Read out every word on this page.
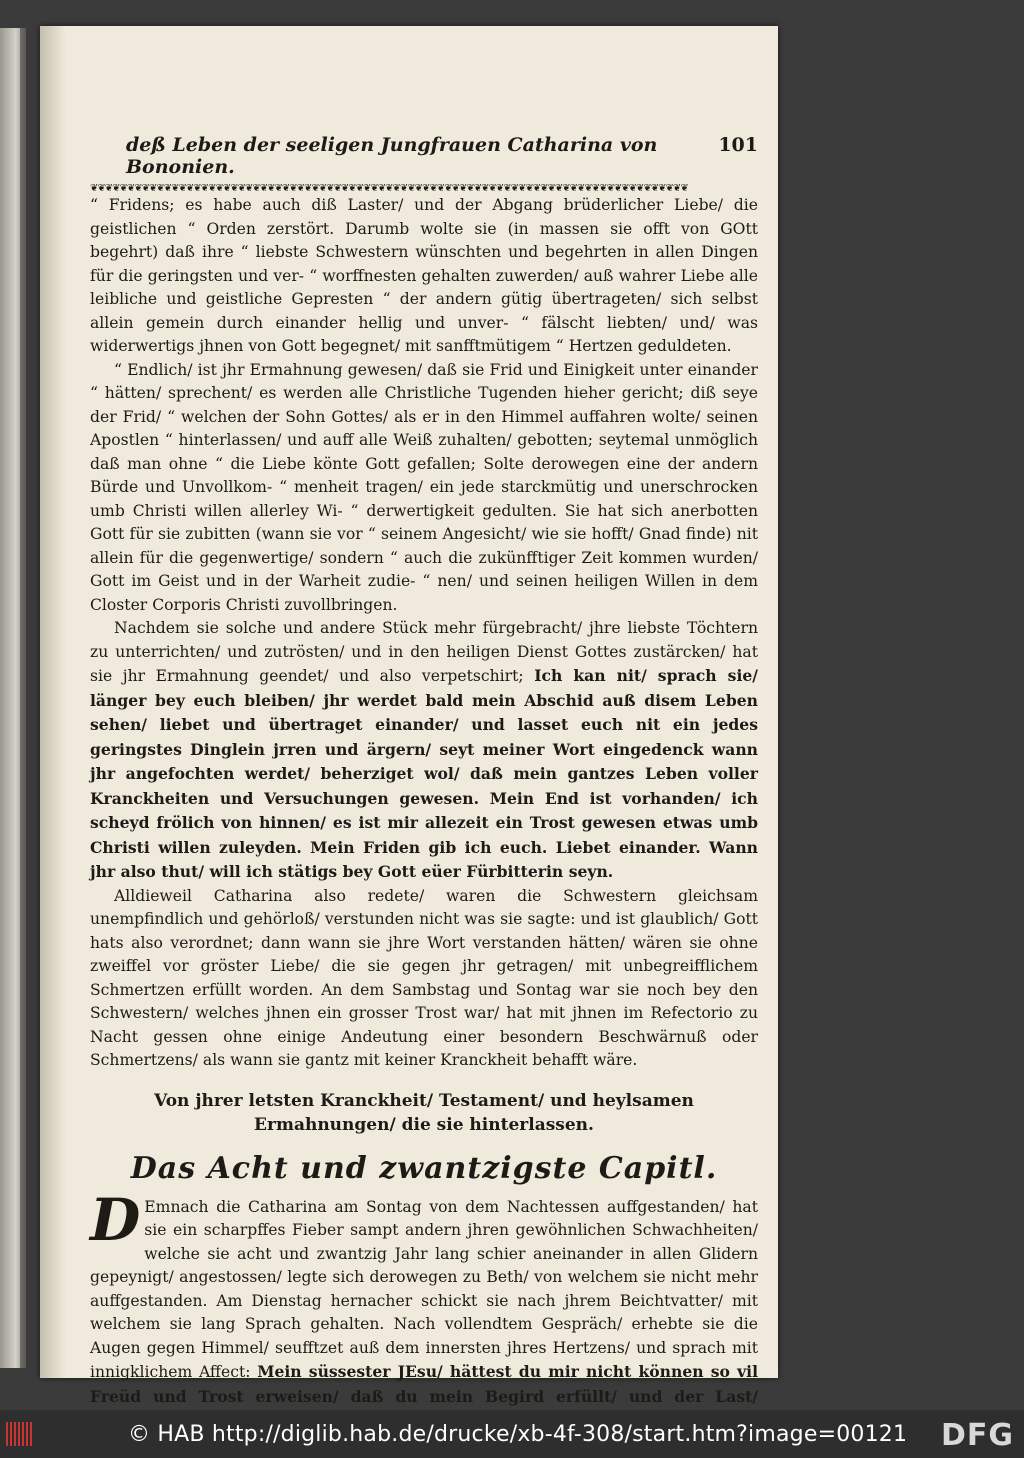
deß Leben der seeligen Jungfrauen Catharina von Bononien.
101
❦❦❦❦❦❦❦❦❦❦❦❦❦❦❦❦❦❦❦❦❦❦❦❦❦❦❦❦❦❦❦❦❦❦❦❦❦❦❦❦❦❦❦❦❦❦❦❦❦❦❦❦❦❦❦❦❦❦❦❦❦❦❦❦❦❦❦❦❦❦❦❦❦❦❦❦❦❦❦❦❦

“ Fridens; es habe auch diß Laster/ und der Abgang brüderlicher Liebe/ die geistlichen “ Orden zerstört. Darumb wolte sie (in massen sie offt von GOtt begehrt) daß ihre “ liebste Schwestern wünschten und begehrten in allen Dingen für die geringsten und ver- “ worffnesten gehalten zuwerden/ auß wahrer Liebe alle leibliche und geistliche Gepresten “ der andern gütig übertrageten/ sich selbst allein gemein durch einander hellig und unver- “ fälscht liebten/ und/ was widerwertigs jhnen von Gott begegnet/ mit sanfftmütigem “ Hertzen geduldeten.

“ Endlich/ ist jhr Ermahnung gewesen/ daß sie Frid und Einigkeit unter einander “ hätten/ sprechent/ es werden alle Christliche Tugenden hieher gericht; diß seye der Frid/ “ welchen der Sohn Gottes/ als er in den Himmel auffahren wolte/ seinen Apostlen “ hinterlassen/ und auff alle Weiß zuhalten/ gebotten; seytemal unmöglich daß man ohne “ die Liebe könte Gott gefallen; Solte derowegen eine der andern Bürde und Unvollkom- “ menheit tragen/ ein jede starckmütig und unerschrocken umb Christi willen allerley Wi- “ derwertigkeit gedulten. Sie hat sich anerbotten Gott für sie zubitten (wann sie vor “ seinem Angesicht/ wie sie hofft/ Gnad finde) nit allein für die gegenwertige/ sondern “ auch die zukünfftiger Zeit kommen wurden/ Gott im Geist und in der Warheit zudie- “ nen/ und seinen heiligen Willen in dem Closter Corporis Christi zuvollbringen.

Nachdem sie solche und andere Stück mehr fürgebracht/ jhre liebste Töchtern zu unterrichten/ und zutrösten/ und in den heiligen Dienst Gottes zustärcken/ hat sie jhr Ermahnung geendet/ und also verpetschirt; Ich kan nit/ sprach sie/ länger bey euch bleiben/ jhr werdet bald mein Abschid auß disem Leben sehen/ liebet und übertraget einander/ und lasset euch nit ein jedes geringstes Dinglein jrren und ärgern/ seyt meiner Wort eingedenck wann jhr angefochten werdet/ beherziget wol/ daß mein gantzes Leben voller Kranckheiten und Versuchungen gewesen. Mein End ist vorhanden/ ich scheyd frölich von hinnen/ es ist mir allezeit ein Trost gewesen etwas umb Christi willen zuleyden. Mein Friden gib ich euch. Liebet einander. Wann jhr also thut/ will ich stätigs bey Gott eüer Fürbitterin seyn.

Alldieweil Catharina also redete/ waren die Schwestern gleichsam unempfindlich und gehörloß/ verstunden nicht was sie sagte: und ist glaublich/ Gott hats also verordnet; dann wann sie jhre Wort verstanden hätten/ wären sie ohne zweiffel vor gröster Liebe/ die sie gegen jhr getragen/ mit unbegreifflichem Schmertzen erfüllt worden. An dem Sambstag und Sontag war sie noch bey den Schwestern/ welches jhnen ein grosser Trost war/ hat mit jhnen im Refectorio zu Nacht gessen ohne einige Andeutung einer besondern Beschwärnuß oder Schmertzens/ als wann sie gantz mit keiner Kranckheit behafft wäre.

Von jhrer letsten Kranckheit/ Testament/ und heylsamen Ermahnungen/ die sie hinterlassen.
Das Acht und zwantzigste Capitl.

D Emnach die Catharina am Sontag von dem Nachtessen auffgestanden/ hat sie ein scharpffes Fieber sampt andern jhren gewöhnlichen Schwachheiten/ welche sie acht und zwantzig Jahr lang schier aneinander in allen Glidern gepeynigt/ angestossen/ legte sich derowegen zu Beth/ von welchem sie nicht mehr auffgestanden. Am Dienstag hernacher schickt sie nach jhrem Beichtvatter/ mit welchem sie lang Sprach gehalten. Nach vollendtem Gespräch/ erhebte sie die Augen gegen Himmel/ seufftzet auß dem innersten jhres Hertzens/ und sprach mit innigklichem Affect: Mein süssester JEsu/ hättest du mir nicht können so vil Freüd und Trost erweisen/ daß du mein Begird erfüllt/ und der Last/

© HAB http://diglib.hab.de/drucke/xb-4f-308/start.htm?image=00121 DFG
